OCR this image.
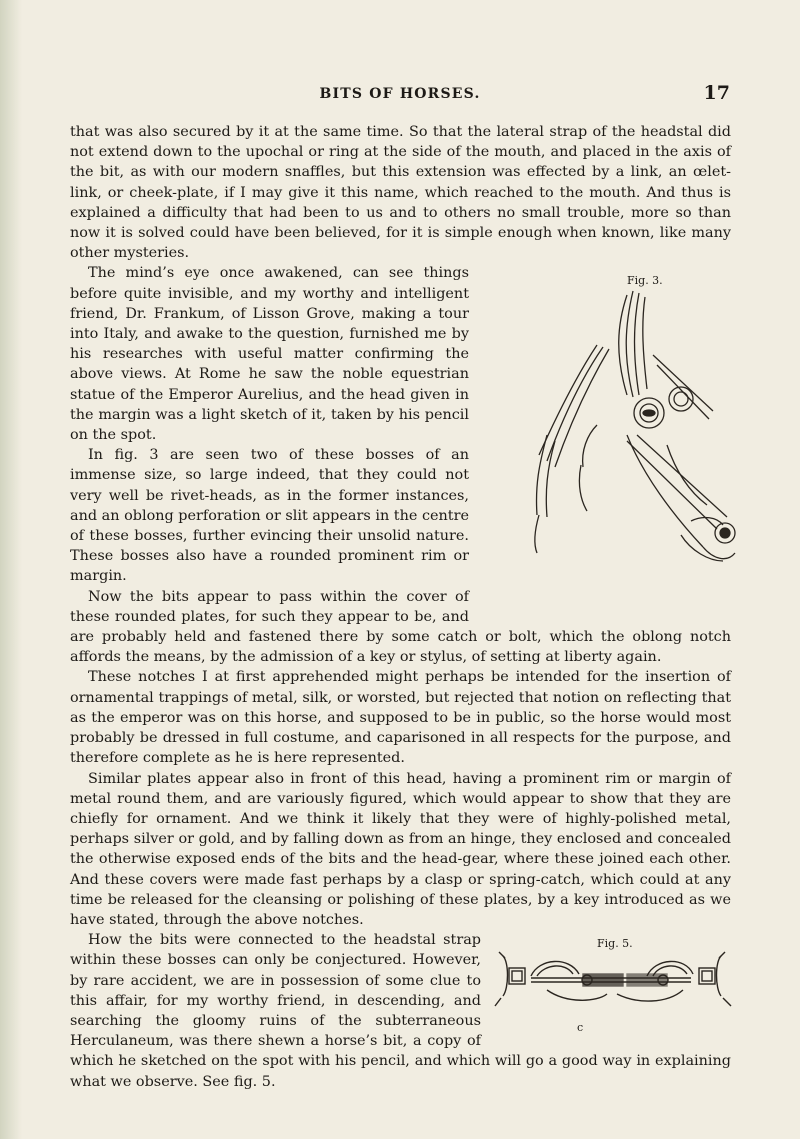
BITS OF HORSES.	17

that was also secured by it at the same time. So that the lateral strap of the headstal did not extend down to the upochal or ring at the side of the mouth, and placed in the axis of the bit, as with our modern snaffles, but this extension was effected by a link, an œlet-link, or cheek-plate, if I may give it this name, which reached to the mouth. And thus is explained a difficulty that had been to us and to others no small trouble, more so than now it is solved could have been believed, for it is simple enough when known, like many other mysteries.

Fig. 3.

The mind’s eye once awakened, can see things before quite invisible, and my worthy and intelligent friend, Dr. Frankum, of Lisson Grove, making a tour into Italy, and awake to the question, furnished me by his researches with useful matter confirming the above views. At Rome he saw the noble equestrian statue of the Emperor Aurelius, and the head given in the margin was a light sketch of it, taken by his pencil on the spot.

In fig. 3 are seen two of these bosses of an immense size, so large indeed, that they could not very well be rivet-heads, as in the former instances, and an oblong perforation or slit appears in the centre of these bosses, further evincing their unsolid nature. These bosses also have a rounded prominent rim or margin.

Now the bits appear to pass within the cover of these rounded plates, for such they appear to be, and are probably held and fastened there by some catch or bolt, which the oblong notch affords the means, by the admission of a key or stylus, of setting at liberty again.

These notches I at first apprehended might perhaps be intended for the insertion of ornamental trappings of metal, silk, or worsted, but rejected that notion on reflecting that as the emperor was on this horse, and supposed to be in public, so the horse would most probably be dressed in full costume, and caparisoned in all respects for the purpose, and therefore complete as he is here represented.

Similar plates appear also in front of this head, having a prominent rim or margin of metal round them, and are variously figured, which would appear to show that they are chiefly for ornament. And we think it likely that they were of highly-polished metal, perhaps silver or gold, and by falling down as from an hinge, they enclosed and concealed the otherwise exposed ends of the bits and the head-gear, where these joined each other. And these covers were made fast perhaps by a clasp or spring-catch, which could at any time be released for the cleansing or polishing of these plates, by a key introduced as we have stated, through the above notches.

Fig. 5.
c

How the bits were connected to the headstal strap within these bosses can only be conjectured. However, by rare accident, we are in possession of some clue to this affair, for my worthy friend, in descending, and searching the gloomy ruins of the subterraneous Herculaneum, was there shewn a horse’s bit, a copy of which he sketched on the spot with his pencil, and which will go a good way in explaining what we observe. See fig. 5.
